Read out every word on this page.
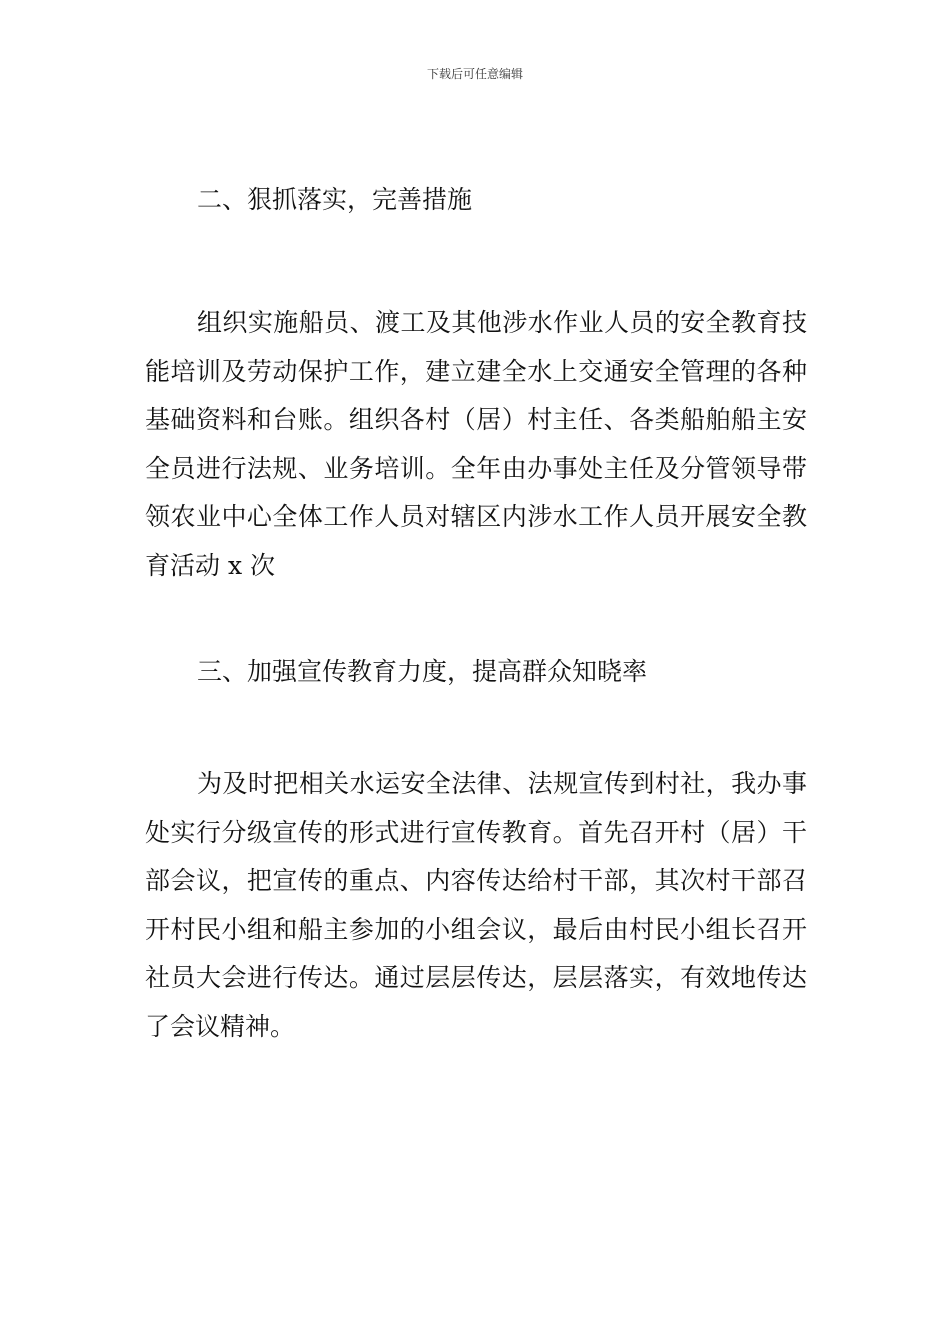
下载后可任意编辑
二、狠抓落实，完善措施

组织实施船员、渡工及其他涉水作业人员的安全教育技能培训及劳动保护工作，建立建全水上交通安全管理的各种基础资料和台账。组织各村（居）村主任、各类船舶船主安全员进行法规、业务培训。全年由办事处主任及分管领导带领农业中心全体工作人员对辖区内涉水工作人员开展安全教育活动 x 次

三、加强宣传教育力度，提高群众知晓率

为及时把相关水运安全法律、法规宣传到村社，我办事处实行分级宣传的形式进行宣传教育。首先召开村（居）干部会议，把宣传的重点、内容传达给村干部，其次村干部召开村民小组和船主参加的小组会议，最后由村民小组长召开社员大会进行传达。通过层层传达，层层落实，有效地传达了会议精神。
